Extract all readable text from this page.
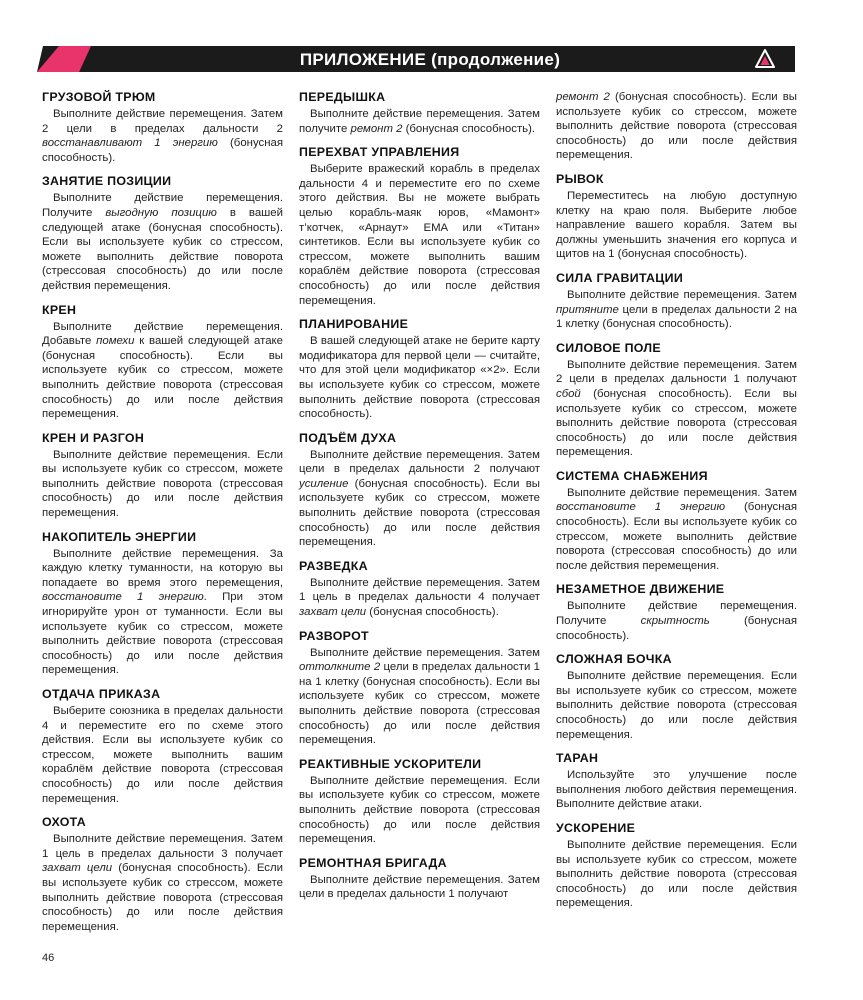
ПРИЛОЖЕНИЕ (продолжение)
ГРУЗОВОЙ ТРЮМ

Выполните действие перемещения. Затем 2 цели в пределах дальности 2 восстанавливают 1 энергию (бонусная способность).

ЗАНЯТИЕ ПОЗИЦИИ

Выполните действие перемещения. Получите выгодную позицию в вашей следующей атаке (бонусная способность). Если вы используете кубик со стрессом, можете выполнить действие поворота (стрессовая способность) до или после действия перемещения.

КРЕН

Выполните действие перемещения. Добавьте помехи к вашей следующей атаке (бонусная способность). Если вы используете кубик со стрессом, можете выполнить действие поворота (стрессовая способность) до или после действия перемещения.

КРЕН И РАЗГОН

Выполните действие перемещения. Если вы используете кубик со стрессом, можете выполнить действие поворота (стрессовая способность) до или после действия перемещения.

НАКОПИТЕЛЬ ЭНЕРГИИ

Выполните действие перемещения. За каждую клетку туманности, на которую вы попадаете во время этого перемещения, восстановите 1 энергию. При этом игнорируйте урон от туманности. Если вы используете кубик со стрессом, можете выполнить действие поворота (стрессовая способность) до или после действия перемещения.

ОТДАЧА ПРИКАЗА

Выберите союзника в пределах дальности 4 и переместите его по схеме этого действия. Если вы используете кубик со стрессом, можете выполнить вашим кораблём действие поворота (стрессовая способность) до или после действия перемещения.

ОХОТА

Выполните действие перемещения. Затем 1 цель в пределах дальности 3 получает захват цели (бонусная способность). Если вы используете кубик со стрессом, можете выполнить действие поворота (стрессовая способность) до или после действия перемещения.

ПЕРЕДЫШКА

Выполните действие перемещения. Затем получите ремонт 2 (бонусная способность).

ПЕРЕХВАТ УПРАВЛЕНИЯ

Выберите вражеский корабль в пределах дальности 4 и переместите его по схеме этого действия. Вы не можете выбрать целью корабль-маяк юров, «Мамонт» т’котчек, «Арнаут» EMA или «Титан» синтетиков. Если вы используете кубик со стрессом, можете выполнить вашим кораблём действие поворота (стрессовая способность) до или после действия перемещения.

ПЛАНИРОВАНИЕ

В вашей следующей атаке не берите карту модификатора для первой цели — считайте, что для этой цели модификатор «×2». Если вы используете кубик со стрессом, можете выполнить действие поворота (стрессовая способность).

ПОДЪЁМ ДУХА

Выполните действие перемещения. Затем цели в пределах дальности 2 получают усиление (бонусная способность). Если вы используете кубик со стрессом, можете выполнить действие поворота (стрессовая способность) до или после действия перемещения.

РАЗВЕДКА

Выполните действие перемещения. Затем 1 цель в пределах дальности 4 получает захват цели (бонусная способность).

РАЗВОРОТ

Выполните действие перемещения. Затем оттолкните 2 цели в пределах дальности 1 на 1 клетку (бонусная способность). Если вы используете кубик со стрессом, можете выполнить действие поворота (стрессовая способность) до или после действия перемещения.

РЕАКТИВНЫЕ УСКОРИТЕЛИ

Выполните действие перемещения. Если вы используете кубик со стрессом, можете выполнить действие поворота (стрессовая способность) до или после действия перемещения.

РЕМОНТНАЯ БРИГАДА

Выполните действие перемещения. Затем цели в пределах дальности 1 получают

ремонт 2 (бонусная способность). Если вы используете кубик со стрессом, можете выполнить действие поворота (стрессовая способность) до или после действия перемещения.

РЫВОК

Переместитесь на любую доступную клетку на краю поля. Выберите любое направление вашего корабля. Затем вы должны уменьшить значения его корпуса и щитов на 1 (бонусная способность).

СИЛА ГРАВИТАЦИИ

Выполните действие перемещения. Затем притяните цели в пределах дальности 2 на 1 клетку (бонусная способность).

СИЛОВОЕ ПОЛЕ

Выполните действие перемещения. Затем 2 цели в пределах дальности 1 получают сбой (бонусная способность). Если вы используете кубик со стрессом, можете выполнить действие поворота (стрессовая способность) до или после действия перемещения.

СИСТЕМА СНАБЖЕНИЯ

Выполните действие перемещения. Затем восстановите 1 энергию (бонусная способность). Если вы используете кубик со стрессом, можете выполнить действие поворота (стрессовая способность) до или после действия перемещения.

НЕЗАМЕТНОЕ ДВИЖЕНИЕ

Выполните действие перемещения. Получите скрытность (бонусная способность).

СЛОЖНАЯ БОЧКА

Выполните действие перемещения. Если вы используете кубик со стрессом, можете выполнить действие поворота (стрессовая способность) до или после действия перемещения.

ТАРАН

Используйте это улучшение после выполнения любого действия перемещения. Выполните действие атаки.

УСКОРЕНИЕ

Выполните действие перемещения. Если вы используете кубик со стрессом, можете выполнить действие поворота (стрессовая способность) до или после действия перемещения.

46
